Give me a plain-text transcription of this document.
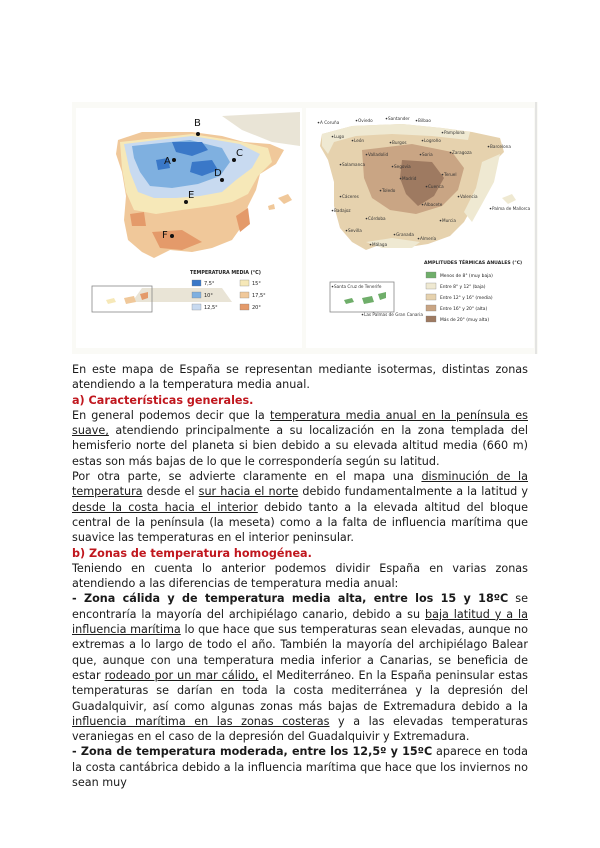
A
B
C
D
E
F
TEMPERATURA MEDIA (°C)
7,5°
10°
12,5°
15°
17,5°
20°
A Coruña	Oviedo	Santander Bilbao
Lugo
León	Burgos	Logroño
Pamplona
Zaragoza
Barcelona
Valladolid	Soria
Salamanca	Segovia
Madrid
Teruel
Cuenca
Toledo
Cáceres	Valencia
Badajoz
Albacete
Córdoba
Palma de Mallorca
Murcia
Sevilla
Granada
Almería
Málaga
Santa Cruz de Tenerife
Las Palmas de Gran Canaria
AMPLITUDES TÉRMICAS ANUALES (°C)
Menos de 8° (muy baja)
Entre 8° y 12° (baja)
Entre 12° y 16° (media)
Entre 16° y 20° (alta)
Más de 20° (muy alta)

En este mapa de España se representan mediante isotermas, distintas zonas atendiendo a la temperatura media anual.

a) Características generales.

En general podemos decir que la temperatura media anual en la península es suave, atendiendo principalmente a su localización en la zona templada del hemisferio norte del planeta si bien debido a su elevada altitud media (660 m) estas son más bajas de lo que le correspondería según su latitud.

Por otra parte, se advierte claramente en el mapa una disminución de la temperatura desde el sur hacia el norte debido fundamentalmente a la latitud y desde la costa hacia el interior debido tanto a la elevada altitud del bloque central de la península (la meseta) como a la falta de influencia marítima que suavice las temperaturas en el interior peninsular.

b) Zonas de temperatura homogénea.

Teniendo en cuenta lo anterior podemos dividir España en varias zonas atendiendo a las diferencias de temperatura media anual:

- Zona cálida y de temperatura media alta, entre los 15 y 18ºC se encontraría la mayoría del archipiélago canario, debido a su baja latitud y a la influencia marítima lo que hace que sus temperaturas sean elevadas, aunque no extremas a lo largo de todo el año. También la mayoría del archipiélago Balear que, aunque con una temperatura media inferior a Canarias, se beneficia de estar rodeado por un mar cálido, el Mediterráneo. En la España peninsular estas temperaturas se darían en toda la costa mediterránea y la depresión del Guadalquivir, así como algunas zonas más bajas de Extremadura debido a la influencia marítima en las zonas costeras y a las elevadas temperaturas veraniegas en el caso de la depresión del Guadalquivir y Extremadura.

- Zona de temperatura moderada, entre los 12,5º y 15ºC aparece en toda la costa cantábrica debido a la influencia marítima que hace que los inviernos no sean muy
